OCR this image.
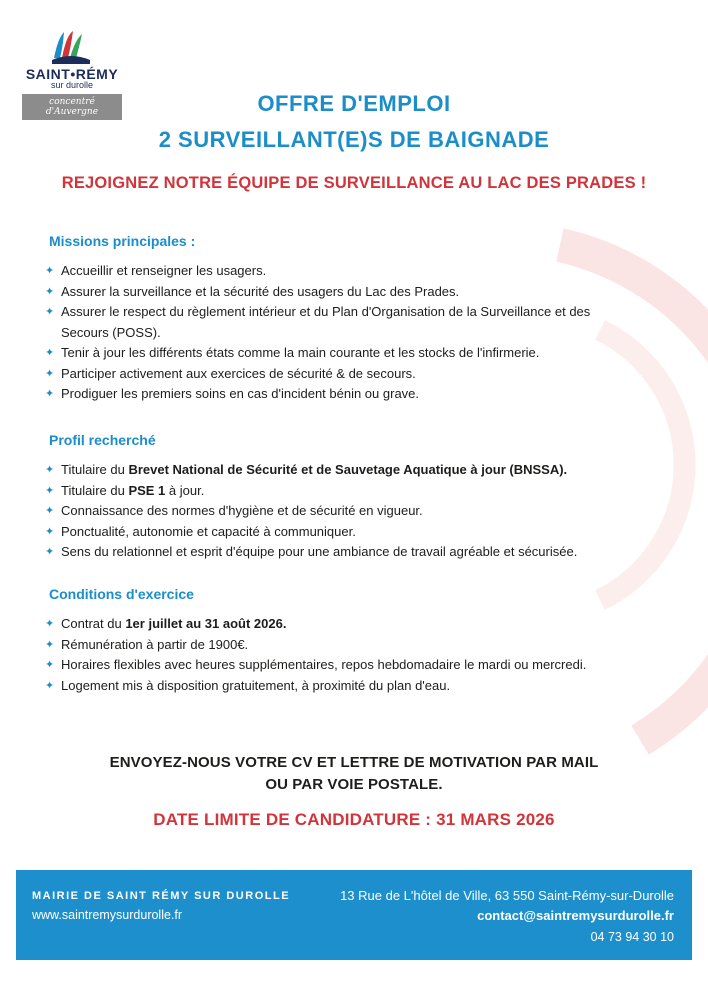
SAINT•RÉMY
sur durolle
concentré d'Auvergne	OFFRE D'EMPLOI
2 SURVEILLANT(E)S DE BAIGNADE
REJOIGNEZ NOTRE ÉQUIPE DE SURVEILLANCE AU LAC DES PRADES !
Missions principales :
✦ Accueillir et renseigner les usagers.
✦ Assurer la surveillance et la sécurité des usagers du Lac des Prades.
✦ Assurer le respect du règlement intérieur et du Plan d'Organisation de la Surveillance et des
Secours (POSS).
✦ Tenir à jour les différents états comme la main courante et les stocks de l'infirmerie.
✦ Participer activement aux exercices de sécurité & de secours.
✦ Prodiguer les premiers soins en cas d'incident bénin ou grave.
Profil recherché
✦ Titulaire du Brevet National de Sécurité et de Sauvetage Aquatique à jour (BNSSA).
✦ Titulaire du PSE 1 à jour.
✦ Connaissance des normes d'hygiène et de sécurité en vigueur.
✦ Ponctualité, autonomie et capacité à communiquer.
✦ Sens du relationnel et esprit d'équipe pour une ambiance de travail agréable et sécurisée.
Conditions d'exercice
✦ Contrat du 1er juillet au 31 août 2026.
✦ Rémunération à partir de 1900€.
✦ Horaires flexibles avec heures supplémentaires, repos hebdomadaire le mardi ou mercredi.
✦ Logement mis à disposition gratuitement, à proximité du plan d'eau.
ENVOYEZ-NOUS VOTRE CV ET LETTRE DE MOTIVATION PAR MAIL
OU PAR VOIE POSTALE.
DATE LIMITE DE CANDIDATURE : 31 MARS 2026
MAIRIE DE SAINT RÉMY SUR DUROLLE
www.saintremysurdurolle.fr
13 Rue de L'hôtel de Ville, 63 550 Saint-Rémy-sur-Durolle
contact@saintremysurdurolle.fr
04 73 94 30 10
